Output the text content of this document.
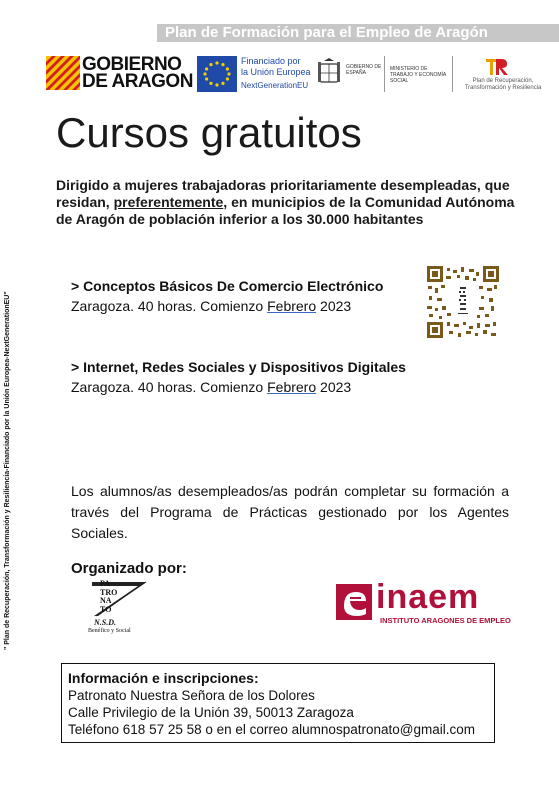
Plan de Formación para el Empleo de Aragón
GOBIERNO
DE ARAGON
Financiado por
la Unión Europea
NextGenerationEU
GOBIERNO DE ESPAÑA
MINISTERIO DE TRABAJO Y ECONOMÍA SOCIAL	Plan de Recuperación, Transformación y Resiliencia
Cursos gratuitos
Dirigido a mujeres trabajadoras prioritariamente desempleadas, que residan, preferentemente, en municipios de la Comunidad Autónoma de Aragón de población inferior a los 30.000 habitantes
> Conceptos Básicos De Comercio Electrónico
Zaragoza. 40 horas. Comienzo Febrero 2023
> Internet, Redes Sociales y Dispositivos Digitales
Zaragoza. 40 horas. Comienzo Febrero 2023
" Plan de Recuperación, Transformación y Resiliencia-Financiado por la Unión Europea-NextGenerationEU"	Los alumnos/as desempleados/as podrán completar su formación a través del Programa de Prácticas gestionado por los Agentes Sociales.
Organizado por:
PA
TRO
NA
TO
N.S.D.
Benéfico y Social
inaem
INSTITUTO ARAGONES DE EMPLEO
Información e inscripciones:
Patronato Nuestra Señora de los Dolores
Calle Privilegio de la Unión 39, 50013 Zaragoza
Teléfono 618 57 25 58 o en el correo alumnospatronato@gmail.com
